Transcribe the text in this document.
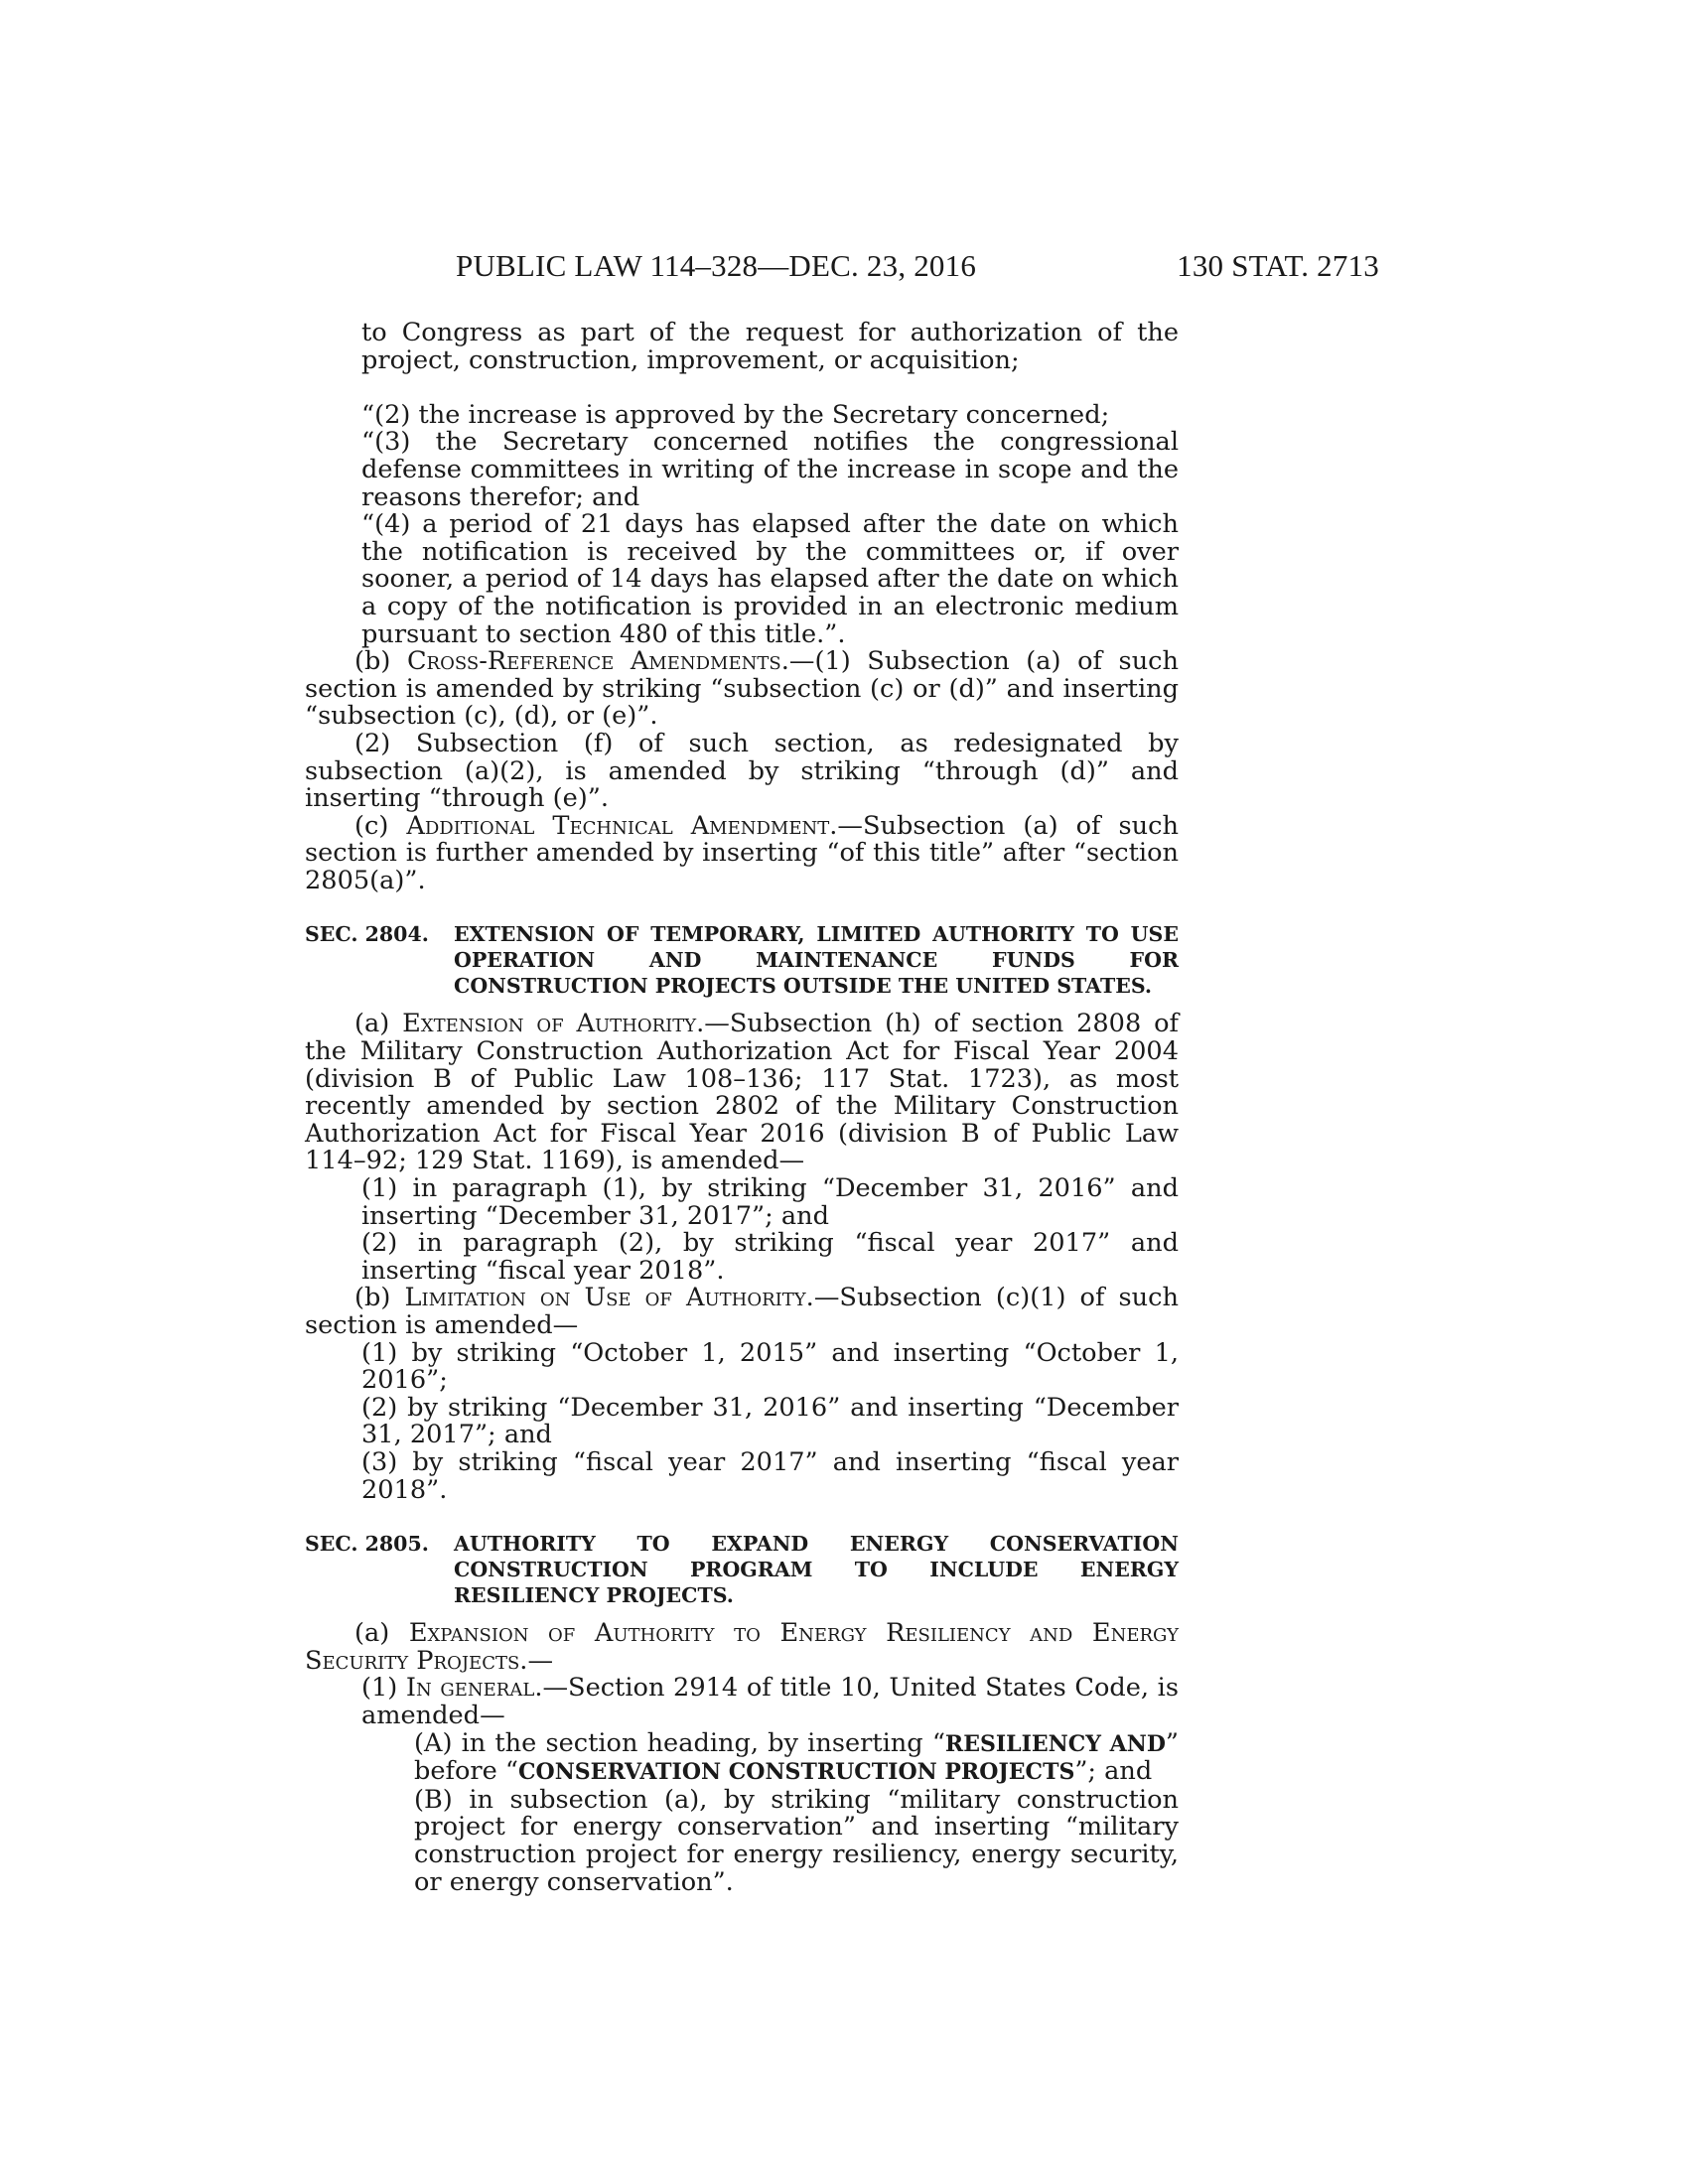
PUBLIC LAW 114–328—DEC. 23, 2016	130 STAT. 2713

to Congress as part of the request for authorization of the project, construction, improvement, or acquisition;

“(2) the increase is approved by the Secretary concerned;

“(3) the Secretary concerned notifies the congressional defense committees in writing of the increase in scope and the reasons therefor; and

“(4) a period of 21 days has elapsed after the date on which the notification is received by the committees or, if over sooner, a period of 14 days has elapsed after the date on which a copy of the notification is provided in an electronic medium pursuant to section 480 of this title.”.

(b) Cross-Reference Amendments.—(1) Subsection (a) of such section is amended by striking “subsection (c) or (d)” and inserting “subsection (c), (d), or (e)”.

(2) Subsection (f) of such section, as redesignated by subsection (a)(2), is amended by striking “through (d)” and inserting “through (e)”.

(c) Additional Technical Amendment.—Subsection (a) of such section is further amended by inserting “of this title” after “section 2805(a)”.

SEC. 2804. EXTENSION OF TEMPORARY, LIMITED AUTHORITY TO USE OPERATION AND MAINTENANCE FUNDS FOR CONSTRUCTION PROJECTS OUTSIDE THE UNITED STATES.

(a) Extension of Authority.—Subsection (h) of section 2808 of the Military Construction Authorization Act for Fiscal Year 2004 (division B of Public Law 108–136; 117 Stat. 1723), as most recently amended by section 2802 of the Military Construction Authorization Act for Fiscal Year 2016 (division B of Public Law 114–92; 129 Stat. 1169), is amended—

(1) in paragraph (1), by striking “December 31, 2016” and inserting “December 31, 2017”; and

(2) in paragraph (2), by striking “fiscal year 2017” and inserting “fiscal year 2018”.

(b) Limitation on Use of Authority.—Subsection (c)(1) of such section is amended—

(1) by striking “October 1, 2015” and inserting “October 1, 2016”;

(2) by striking “December 31, 2016” and inserting “December 31, 2017”; and

(3) by striking “fiscal year 2017” and inserting “fiscal year 2018”.

SEC. 2805. AUTHORITY TO EXPAND ENERGY CONSERVATION CONSTRUCTION PROGRAM TO INCLUDE ENERGY RESILIENCY PROJECTS.

(a) Expansion of Authority to Energy Resiliency and Energy Security Projects.—

(1) In general.—Section 2914 of title 10, United States Code, is amended—

(A) in the section heading, by inserting “RESILIENCY AND” before “CONSERVATION CONSTRUCTION PROJECTS”; and

(B) in subsection (a), by striking “military construction project for energy conservation” and inserting “military construction project for energy resiliency, energy security, or energy conservation”.
